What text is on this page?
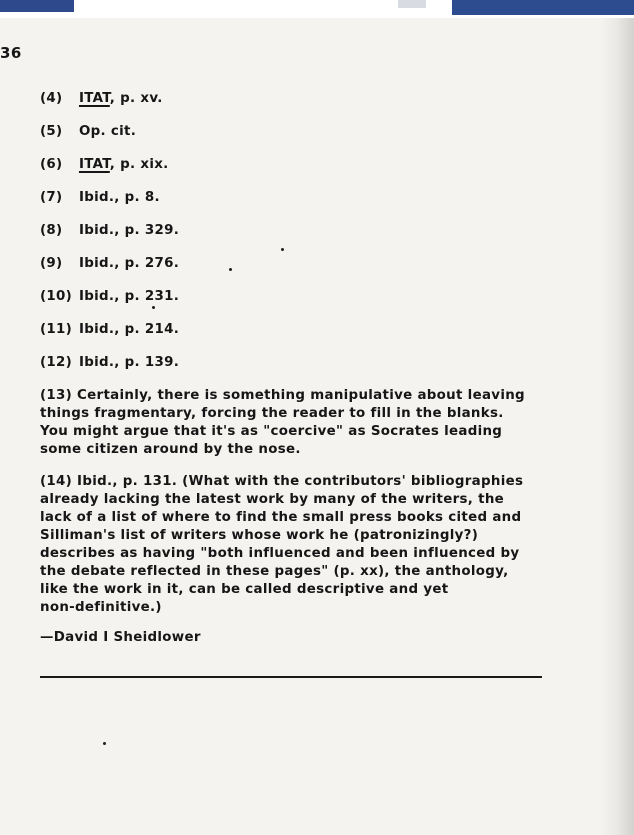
36
(4) ITAT, p. xv.
(5) Op. cit.
(6) ITAT, p. xix.
(7) Ibid., p. 8.
(8) Ibid., p. 329.
(9) Ibid., p. 276.
(10) Ibid., p. 231.
(11) Ibid., p. 214.
(12) Ibid., p. 139.
(13) Certainly, there is something manipulative about leaving
things fragmentary, forcing the reader to fill in the blanks.
You might argue that it's as "coercive" as Socrates leading
some citizen around by the nose.
(14) Ibid., p. 131. (What with the contributors' bibliographies
already lacking the latest work by many of the writers, the
lack of a list of where to find the small press books cited and
Silliman's list of writers whose work he (patronizingly?)
describes as having "both influenced and been influenced by
the debate reflected in these pages" (p. xx), the anthology,
like the work in it, can be called descriptive and yet
non-definitive.)
—David I Sheidlower
